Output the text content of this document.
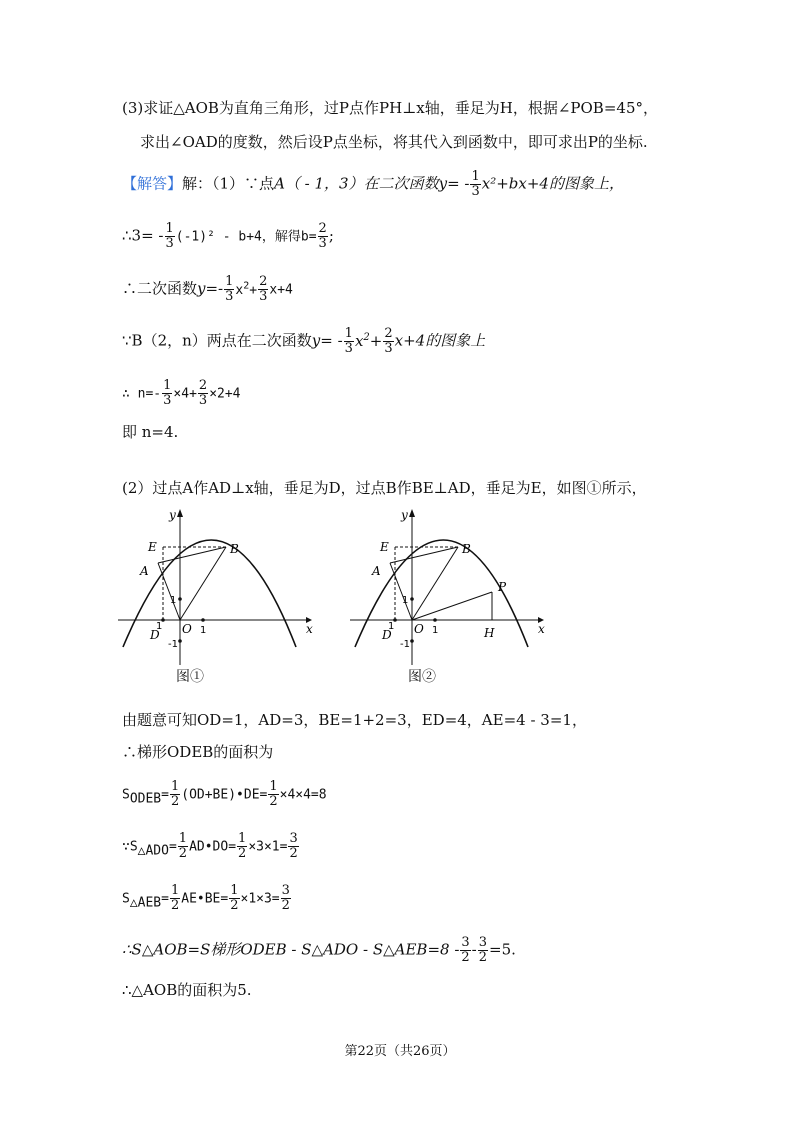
(3)求证△AOB为直角三角形，过P点作PH⊥x轴，垂足为H，根据∠POB=45°，
求出∠OAD的度数，然后设P点坐标，将其代入到函数中，即可求出P的坐标.
【解答】解：（1）∵点A（ - 1，3）在二次函数$y= - \frac{1}{3} x^2+bx+4$的图象上，
∴3= - $\frac{1}{3} (-1)^2 - b+4$，解得$b= \frac{2}{3}$ ;
∴二次函数$y=- \frac{1}{3} x^2+ \frac{2}{3} x+4$
∵B（2，n）两点在二次函数$y= - \frac{1}{3} x^2+ \frac{2}{3} x+4$的图象上
∴ $n=- \frac{1}{3} \times 4+ \frac{2}{3} \times 2+4$
即 n=4.
(2）过点A作AD⊥x轴，垂足为D，过点B作BE⊥AD，垂足为E，如图①所示，
y
x
E	B
A
D O
1
1
1
-1
图①
y
x
E	B
A
D O
P
H
1
1
1
-1
图②
由题意可知OD=1，AD=3，BE=1+2=3，ED=4，AE=4 - 3=1，
∴梯形ODEB的面积为
$S_{ODEB}= \frac{1}{2}$ (OD+BE)•DE= $\frac{1}{2} \times 4\times 4=8$
$\because S_{\triangle ADO}= \frac{1}{2}$ AD•DO= $\frac{1}{2} \times 3\times 1= \frac{3}{2}$
$S_{\triangle AEB}= \frac{1}{2}$ AE•BE= $\frac{1}{2} \times 1\times 3= \frac{3}{2}$
∴S△AOB=S梯形ODEB - S△ADO - S△AEB=8 - $\frac{3}{2} - \frac{3}{2} =5$.
∴△AOB的面积为5.
第22页（共26页）
